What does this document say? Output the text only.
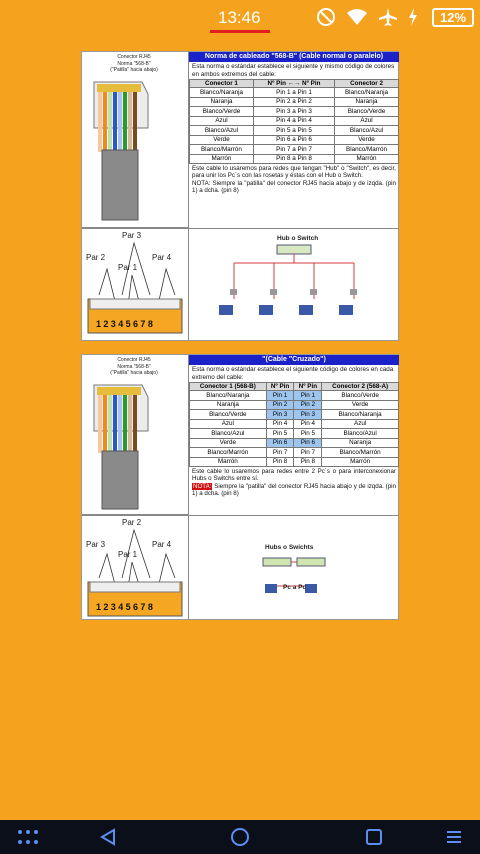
13:46	12%
Conector RJ45
Norma "568-B"
("Patilla" hacia abajo)
Norma de cableado "568-B" (Cable normal o paralelo)
Esta norma o estándar establece el siguiente y mismo código de colores en ambos extremos del cable:
Conector 1	Nº Pin ←→ Nº Pin	Conector 2
Blanco/Naranja	Pin 1 a Pin 1	Blanco/Naranja
Naranja	Pin 2 a Pin 2	Naranja
Blanco/Verde	Pin 3 a Pin 3	Blanco/Verde
Azul	Pin 4 a Pin 4	Azul
Blanco/Azul	Pin 5 a Pin 5	Blanco/Azul
Verde	Pin 6 a Pin 6	Verde
Blanco/Marrón	Pin 7 a Pin 7	Blanco/Marrón
Marrón	Pin 8 a Pin 8	Marrón
Este cable lo usaremos para redes que tengan "Hub" o "Switch", es decir, para unir los Pc´s con las rosetas y éstas con el Hub o Switch.
NOTA: Siempre la "patilla" del conector RJ45 hacia abajo y de izqda. (pin 1) a dcha. (pin 8)
Par 3
Par 2
Par 1
Par 4
12345678
Hub o Switch
Conector RJ45
Norma "568-B"
("Patilla" hacia abajo)
"(Cable "Cruzado")
Esta norma o estándar establece el siguiente código de colores en cada extremo del cable:
Conector 1 (568-B)	Nº Pin	Nº Pin	Conector 2 (568-A)
Blanco/Naranja	Pin 1	Pin 1	Blanco/Verde
Naranja	Pin 2	Pin 2	Verde
Blanco/Verde	Pin 3	Pin 3	Blanco/Naranja
Azul	Pin 4	Pin 4	Azul
Blanco/Azul	Pin 5	Pin 5	Blanco/Azul
Verde	Pin 6	Pin 6	Naranja
Blanco/Marrón	Pin 7	Pin 7	Blanco/Marrón
Marrón	Pin 8	Pin 8	Marrón
Este cable lo usaremos para redes entre 2 Pc´s o para interconexionar Hubs o Switchs entre sí.
NOTA: Siempre la "patilla" del conector RJ45 hacia abajo y de izqda. (pin 1) a dcha. (pin 8)
Par 2
Par 3
Par 1
Par 4
12345678
Hubs o Swichts
Pc a Pc
